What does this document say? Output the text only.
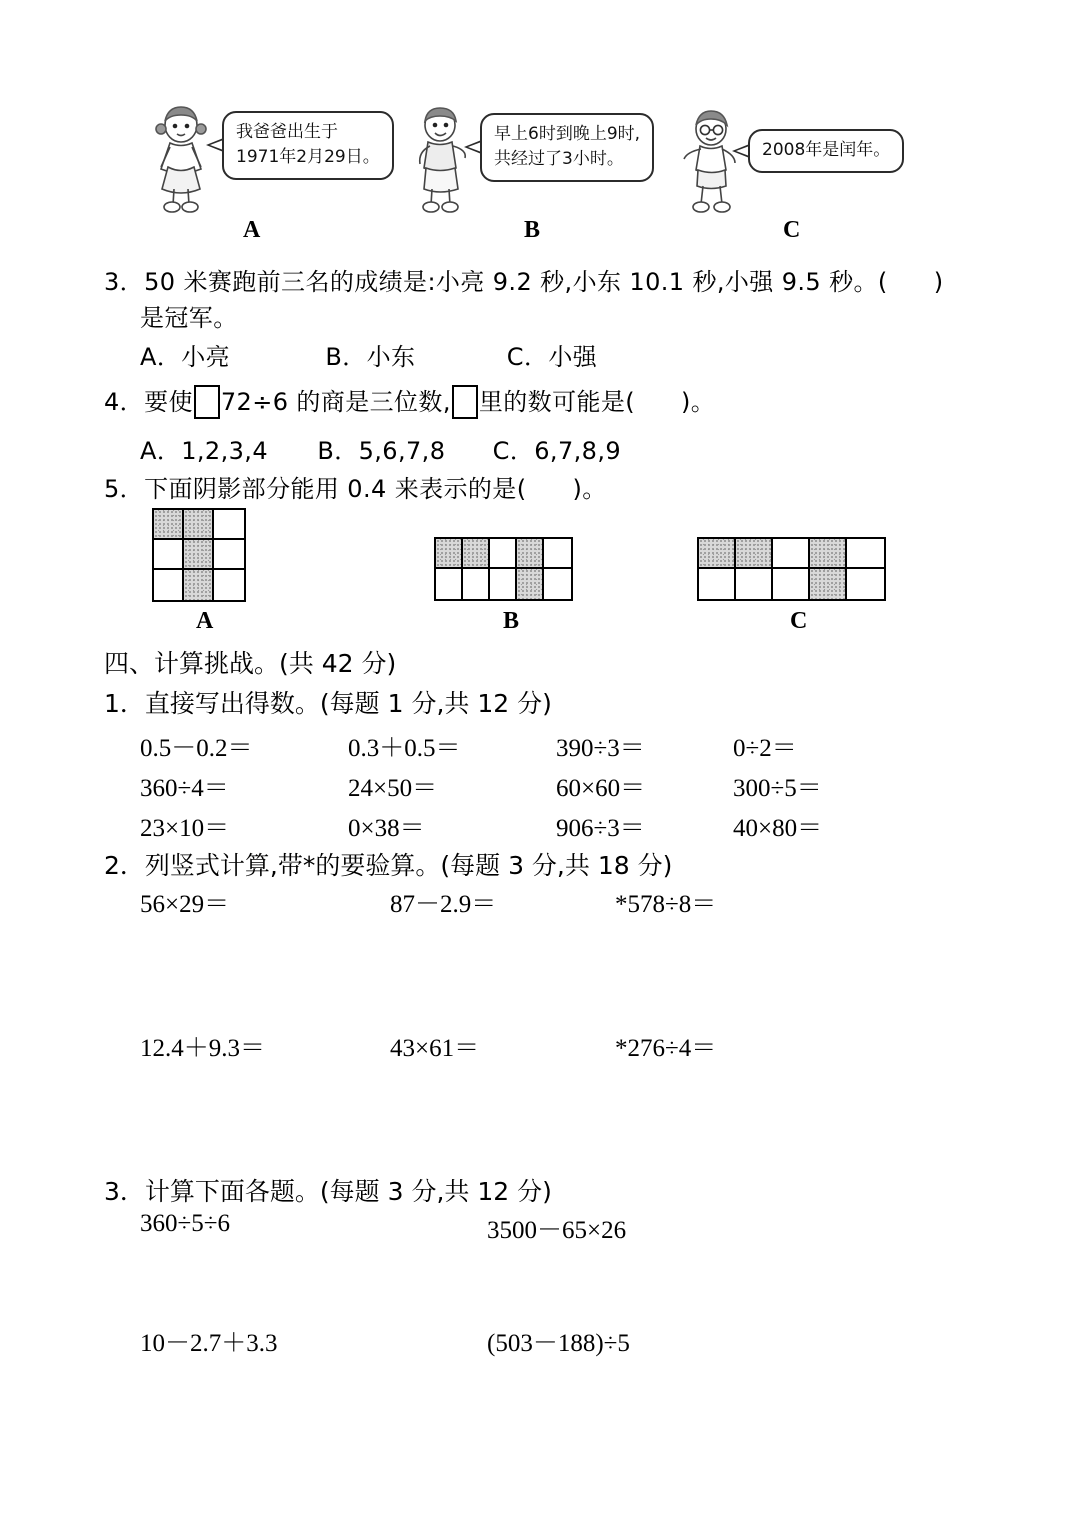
我爸爸出生于
1971年2月29日。
A
早上6时到晚上9时,
共经过了3小时。
B
2008年是闰年。
C
3．50 米赛跑前三名的成绩是:小亮 9.2 秒,小东 10.1 秒,小强 9.5 秒。( )
是冠军。
A．小亮	B．小东	C．小强
4．要使 72÷6 的商是三位数, 里的数可能是( )。
A．1,2,3,4 B．5,6,7,8 C．6,7,8,9
5．下面阴影部分能用 0.4 来表示的是( )。
A	B	C
四、计算挑战。(共 42 分)
1．直接写出得数。(每题 1 分,共 12 分)
0.5－0.2＝	0.3＋0.5＝	390÷3＝	0÷2＝
360÷4＝	24×50＝	60×60＝	300÷5＝
23×10＝	0×38＝	906÷3＝	40×80＝
2．列竖式计算,带*的要验算。(每题 3 分,共 18 分)
56×29＝	87－2.9＝	*578÷8＝
12.4＋9.3＝	43×61＝	*276÷4＝
3．计算下面各题。(每题 3 分,共 12 分)
360÷5÷6	3500－65×26
10－2.7＋3.3	(503－188)÷5
